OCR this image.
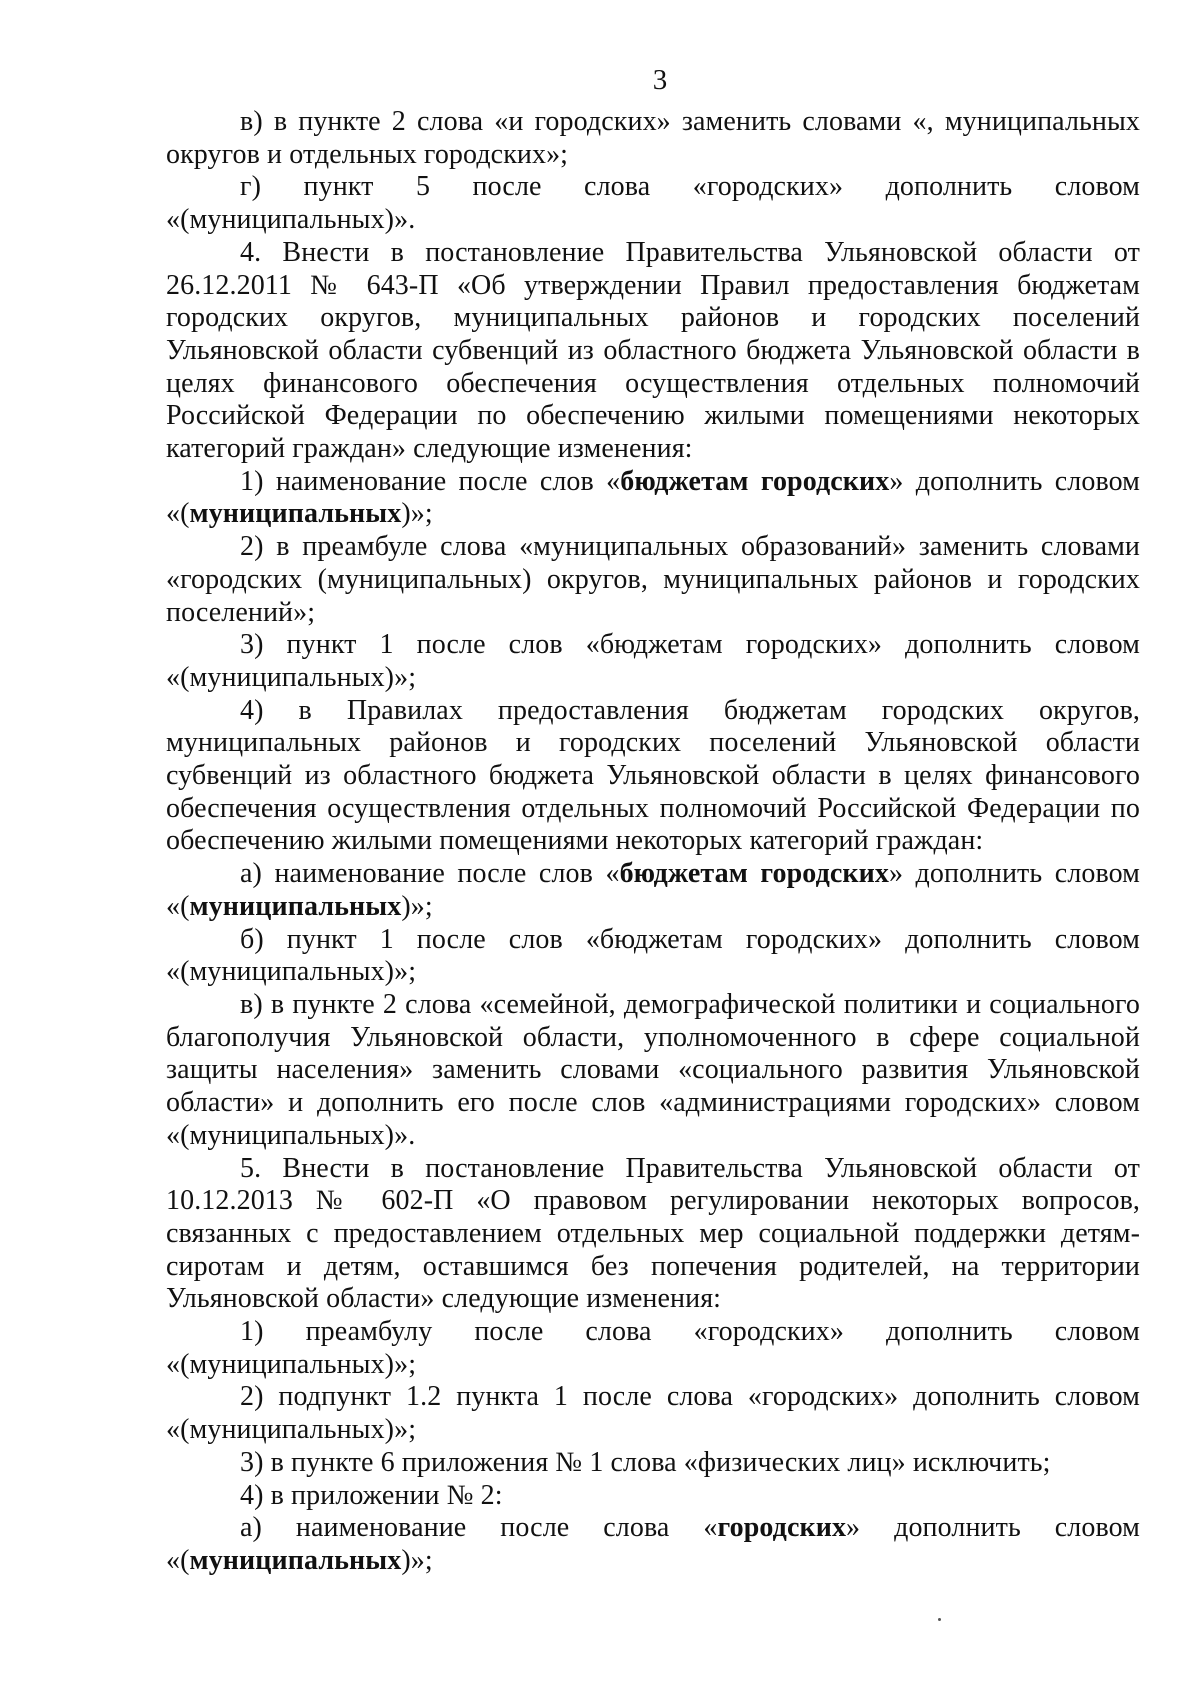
3

в) в пункте 2 слова «и городских» заменить словами «, муниципальных округов и отдельных городских»;

г) пункт 5 после слова «городских» дополнить словом «(муниципальных)».

4. Внести в постановление Правительства Ульяновской области от 26.12.2011 № 643-П «Об утверждении Правил предоставления бюджетам городских округов, муниципальных районов и городских поселений Ульяновской области субвенций из областного бюджета Ульяновской области в целях финансового обеспечения осуществления отдельных полномочий Российской Федерации по обеспечению жилыми помещениями некоторых категорий граждан» следующие изменения:

1) наименование после слов «бюджетам городских» дополнить словом «(муниципальных)»;

2) в преамбуле слова «муниципальных образований» заменить словами «городских (муниципальных) округов, муниципальных районов и городских поселений»;

3) пункт 1 после слов «бюджетам городских» дополнить словом «(муниципальных)»;

4) в Правилах предоставления бюджетам городских округов, муниципальных районов и городских поселений Ульяновской области субвенций из областного бюджета Ульяновской области в целях финансового обеспечения осуществления отдельных полномочий Российской Федерации по обеспечению жилыми помещениями некоторых категорий граждан:

а) наименование после слов «бюджетам городских» дополнить словом «(муниципальных)»;

б) пункт 1 после слов «бюджетам городских» дополнить словом «(муниципальных)»;

в) в пункте 2 слова «семейной, демографической политики и социального благополучия Ульяновской области, уполномоченного в сфере социальной защиты населения» заменить словами «социального развития Ульяновской области» и дополнить его после слов «администрациями городских» словом «(муниципальных)».

5. Внести в постановление Правительства Ульяновской области от 10.12.2013 № 602-П «О правовом регулировании некоторых вопросов, связанных с предоставлением отдельных мер социальной поддержки детям-сиротам и детям, оставшимся без попечения родителей, на территории Ульяновской области» следующие изменения:

1) преамбулу после слова «городских» дополнить словом «(муниципальных)»;

2) подпункт 1.2 пункта 1 после слова «городских» дополнить словом «(муниципальных)»;

3) в пункте 6 приложения № 1 слова «физических лиц» исключить;

4) в приложении № 2:

а) наименование после слова «городских» дополнить словом «(муниципальных)»;
